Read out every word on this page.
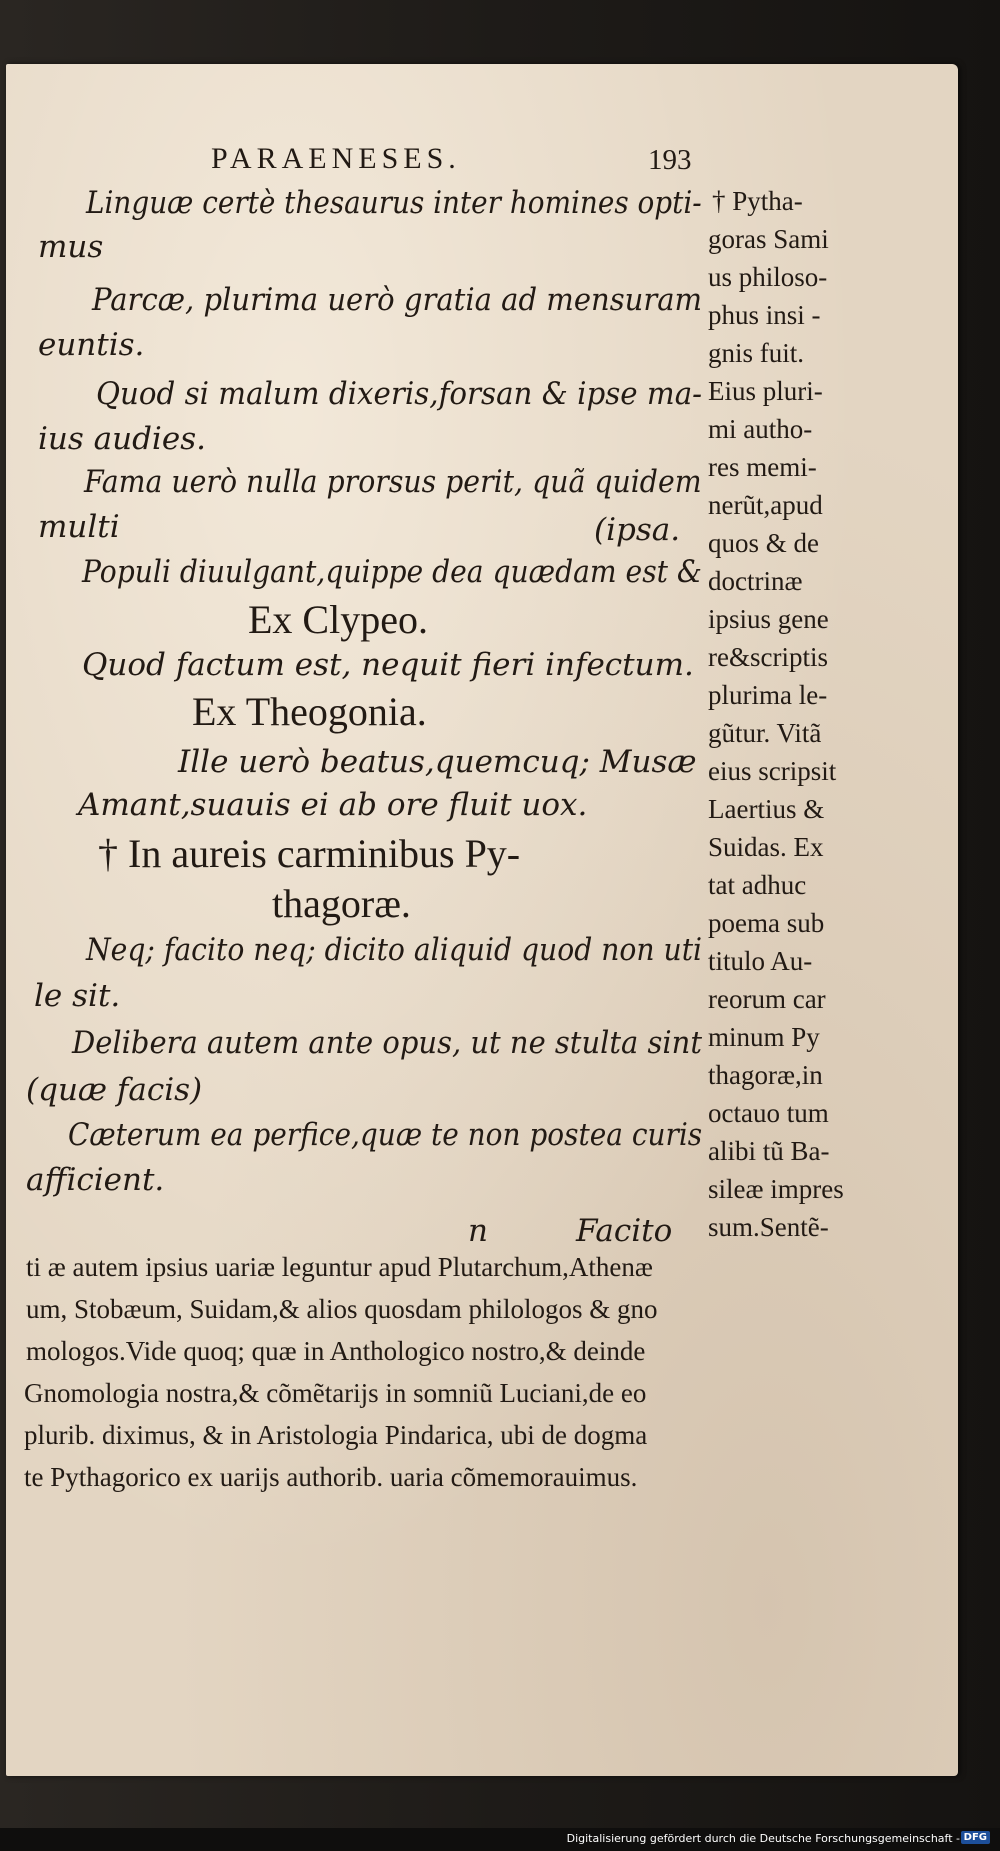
PARAENESES.	193

Linguæ certè thesaurus inter homines opti-

mus

Parcæ, plurima uerò gratia ad mensuram

euntis.

Quod si malum dixeris,forsan & ipse ma-

ius audies.

Fama uerò nulla prorsus perit, quã quidem

multi	(ipsa.

Populi diuulgant,quippe dea quædam est &

Ex Clypeo.

Quod factum est, nequit fieri infectum.

Ex Theogonia.

Ille uerò beatus,quemcuq; Musæ

Amant,suauis ei ab ore fluit uox.

† In aureis carminibus Py-

thagoræ.

Neq; facito neq; dicito aliquid quod non uti

le sit.

Delibera autem ante opus, ut ne stulta sint

(quæ facis)

Cæterum ea perfice,quæ te non postea curis

afficient.

n	Facito

† Pytha-

goras Sami

us philoso-

phus insi -

gnis fuit.

Eius pluri-

mi autho-

res memi-

nerũt,apud

quos & de

doctrinæ

ipsius gene

re&scriptis

plurima le-

gũtur. Vitã

eius scripsit

Laertius &

Suidas. Ex

tat adhuc

poema sub

titulo Au-

reorum car

minum Py

thagoræ,in

octauo tum

alibi tũ Ba-

sileæ impres

sum.Sentẽ-

ti æ autem ipsius uariæ leguntur apud Plutarchum,Athenæ

um, Stobæum, Suidam,& alios quosdam philologos & gno

mologos.Vide quoq; quæ in Anthologico nostro,& deinde

Gnomologia nostra,& cõmẽtarijs in somniũ Luciani,de eo

plurib. diximus, & in Aristologia Pindarica, ubi de dogma

te Pythagorico ex uarijs authorib. uaria cõmemorauimus.

Digitalisierung gefördert durch die Deutsche Forschungsgemeinschaft - DFG
